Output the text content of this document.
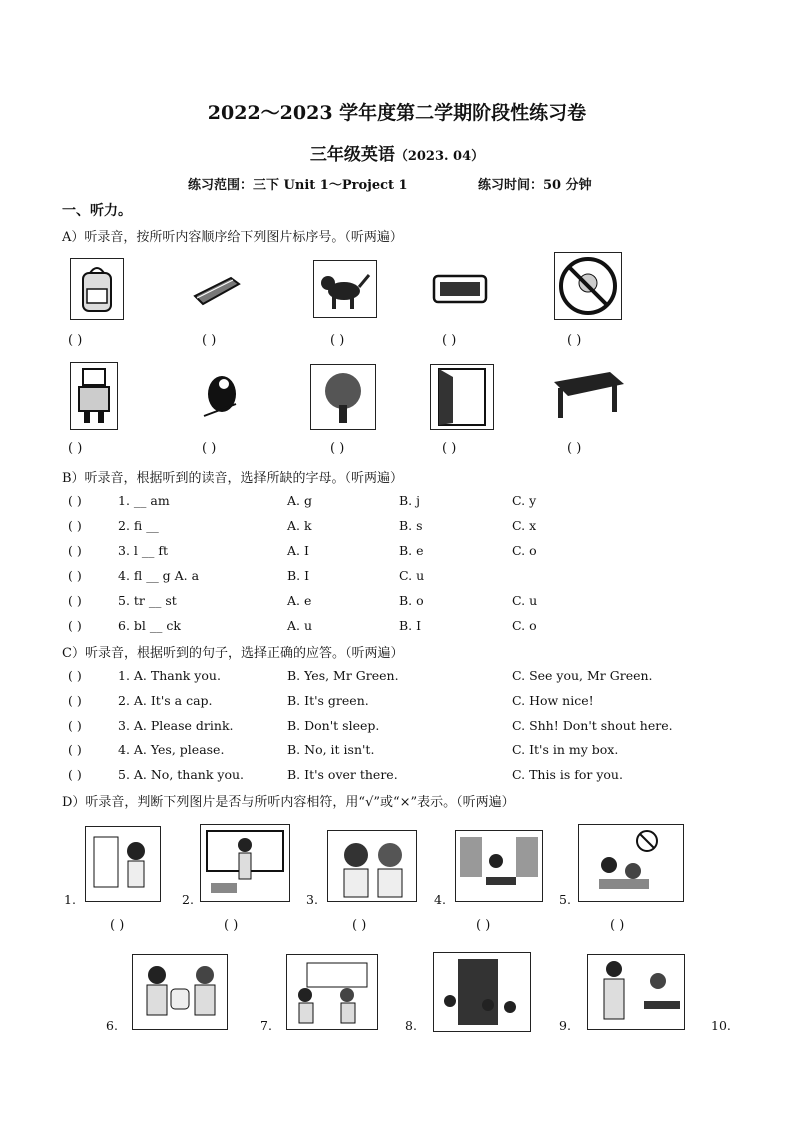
2022～2023 学年度第二学期阶段性练习卷
三年级英语（2023. 04）
练习范围：三下 Unit 1～Project 1	练习时间：50 分钟
一、听力。
A）听录音，按所听内容顺序给下列图片标序号。（听两遍）
( )	( )	( )	( )	( )
( )	( )	( )	( )	( )
B）听录音，根据听到的读音，选择所缺的字母。（听两遍）
( )	1. __ am	A. g	B. j	C. y
( )	2. fi __	A. k	B. s	C. x
( )	3. l __ ft	A. I	B. e	C. o
( )	4. fl __ g A. a	B. I	C. u
( )	5. tr __ st	A. e	B. o	C. u
( )	6. bl __ ck	A. u	B. I	C. o
C）听录音，根据听到的句子，选择正确的应答。（听两遍）
( )	1. A. Thank you.	B. Yes, Mr Green.	C. See you, Mr Green.
( )	2. A. It's a cap.	B. It's green.	C. How nice!
( )	3. A. Please drink.	B. Don't sleep.	C. Shh! Don't shout here.
( )	4. A. Yes, please.	B. No, it isn't.	C. It's in my box.
( )	5. A. No, thank you.	B. It's over there.	C. This is for you.
D）听录音，判断下列图片是否与所听内容相符，用“√”或“×”表示。（听两遍）
1.	2.	3.	4.	5.
( )	( )	( )	( )	( )
6.	7.	8.	9.	10.
